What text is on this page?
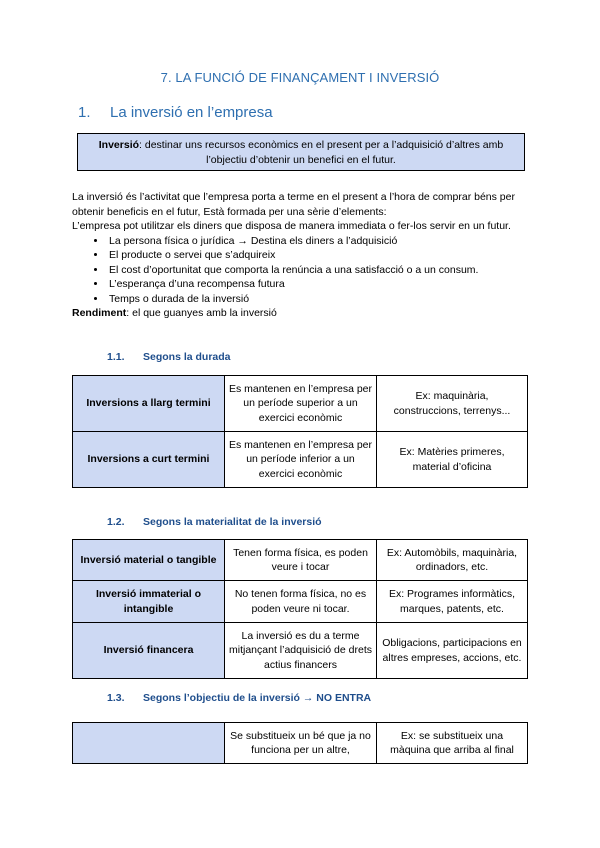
7. LA FUNCIÓ DE FINANÇAMENT I INVERSIÓ
1. La inversió en l’empresa
Inversió: destinar uns recursos econòmics en el present per a l’adquisició d’altres amb l’objectiu d’obtenir un benefici en el futur.

La inversió és l’activitat que l’empresa porta a terme en el present a l’hora de comprar béns per obtenir beneficis en el futur, Està formada per una sèrie d’elements:

L’empresa pot utilitzar els diners que disposa de manera immediata o fer-los servir en un futur.

• La persona física o jurídica → Destina els diners a l’adquisició
• El producte o servei que s’adquireix
• El cost d’oportunitat que comporta la renúncia a una satisfacció o a un consum.
• L’esperança d’una recompensa futura
• Temps o durada de la inversió

Rendiment: el que guanyes amb la inversió

1.1. Segons la durada
Inversions a llarg termini	Es mantenen en l’empresa per un període superior a un exercici econòmic	Ex: maquinària, construccions, terrenys...
Inversions a curt termini	Es mantenen en l’empresa per un període inferior a un exercici econòmic	Ex: Matèries primeres, material d’oficina
1.2. Segons la materialitat de la inversió
Inversió material o tangible	Tenen forma física, es poden veure i tocar	Ex: Automòbils, maquinària, ordinadors, etc.
Inversió immaterial o intangible	No tenen forma física, no es poden veure ni tocar.	Ex: Programes informàtics, marques, patents, etc.
Inversió financera	La inversió es du a terme mitjançant l’adquisició de drets actius financers	Obligacions, participacions en altres empreses, accions, etc.
1.3. Segons l’objectiu de la inversió → NO ENTRA
	Se substitueix un bé que ja no funciona per un altre,	Ex: se substitueix una màquina que arriba al final
